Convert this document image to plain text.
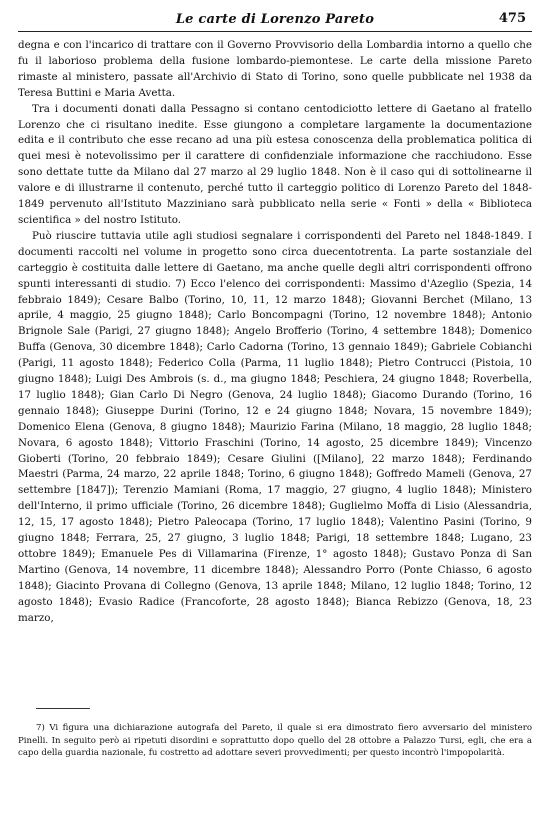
Le carte di Lorenzo Pareto	475

degna e con l'incarico di trattare con il Governo Provvisorio della Lombardia intorno a quello che fu il laborioso problema della fusione lombardo-piemontese. Le carte della missione Pareto rimaste al ministero, passate all'Archivio di Stato di Torino, sono quelle pubblicate nel 1938 da Teresa Buttini e Maria Avetta.

Tra i documenti donati dalla Pessagno si contano centodiciotto lettere di Gaetano al fratello Lorenzo che ci risultano inedite. Esse giungono a completare largamente la documentazione edita e il contributo che esse recano ad una più estesa conoscenza della problematica politica di quei mesi è notevolissimo per il carattere di confidenziale informazione che racchiudono. Esse sono dettate tutte da Milano dal 27 marzo al 29 luglio 1848. Non è il caso qui di sottolinearne il valore e di illustrarne il contenuto, perché tutto il carteggio politico di Lorenzo Pareto del 1848-1849 pervenuto all'Istituto Mazziniano sarà pubblicato nella serie « Fonti » della « Biblioteca scientifica » del nostro Istituto.

Può riuscire tuttavia utile agli studiosi segnalare i corrispondenti del Pareto nel 1848-1849. I documenti raccolti nel volume in progetto sono circa duecentotrenta. La parte sostanziale del carteggio è costituita dalle lettere di Gaetano, ma anche quelle degli altri corrispondenti offrono spunti interessanti di studio. 7) Ecco l'elenco dei corrispondenti: Massimo d'Azeglio (Spezia, 14 febbraio 1849); Cesare Balbo (Torino, 10, 11, 12 marzo 1848); Giovanni Berchet (Milano, 13 aprile, 4 maggio, 25 giugno 1848); Carlo Boncompagni (Torino, 12 novembre 1848); Antonio Brignole Sale (Parigi, 27 giugno 1848); Angelo Brofferio (Torino, 4 settembre 1848); Domenico Buffa (Genova, 30 dicembre 1848); Carlo Cadorna (Torino, 13 gennaio 1849); Gabriele Cobianchi (Parigi, 11 agosto 1848); Federico Colla (Parma, 11 luglio 1848); Pietro Contrucci (Pistoia, 10 giugno 1848); Luigi Des Ambrois (s. d., ma giugno 1848; Peschiera, 24 giugno 1848; Roverbella, 17 luglio 1848); Gian Carlo Di Negro (Genova, 24 luglio 1848); Giacomo Durando (Torino, 16 gennaio 1848); Giuseppe Durini (Torino, 12 e 24 giugno 1848; Novara, 15 novembre 1849); Domenico Elena (Genova, 8 giugno 1848); Maurizio Farina (Milano, 18 maggio, 28 luglio 1848; Novara, 6 agosto 1848); Vittorio Fraschini (Torino, 14 agosto, 25 dicembre 1849); Vincenzo Gioberti (Torino, 20 febbraio 1849); Cesare Giulini ([Milano], 22 marzo 1848); Ferdinando Maestri (Parma, 24 marzo, 22 aprile 1848; Torino, 6 giugno 1848); Goffredo Mameli (Genova, 27 settembre [1847]); Terenzio Mamiani (Roma, 17 maggio, 27 giugno, 4 luglio 1848); Ministero dell'Interno, il primo ufficiale (Torino, 26 dicembre 1848); Guglielmo Moffa di Lisio (Alessandria, 12, 15, 17 agosto 1848); Pietro Paleocapa (Torino, 17 luglio 1848); Valentino Pasini (Torino, 9 giugno 1848; Ferrara, 25, 27 giugno, 3 luglio 1848; Parigi, 18 settembre 1848; Lugano, 23 ottobre 1849); Emanuele Pes di Villamarina (Firenze, 1° agosto 1848); Gustavo Ponza di San Martino (Genova, 14 novembre, 11 dicembre 1848); Alessandro Porro (Ponte Chiasso, 6 agosto 1848); Giacinto Provana di Collegno (Genova, 13 aprile 1848; Milano, 12 luglio 1848; Torino, 12 agosto 1848); Evasio Radice (Francoforte, 28 agosto 1848); Bianca Rebizzo (Genova, 18, 23 marzo,

7) Vi figura una dichiarazione autografa del Pareto, il quale si era dimostrato fiero avversario del ministero Pinelli. In seguito però ai ripetuti disordini e soprattutto dopo quello del 28 ottobre a Palazzo Tursi, egli, che era a capo della guardia nazionale, fu costretto ad adottare severi provvedimenti; per questo incontrò l'impopolarità.
